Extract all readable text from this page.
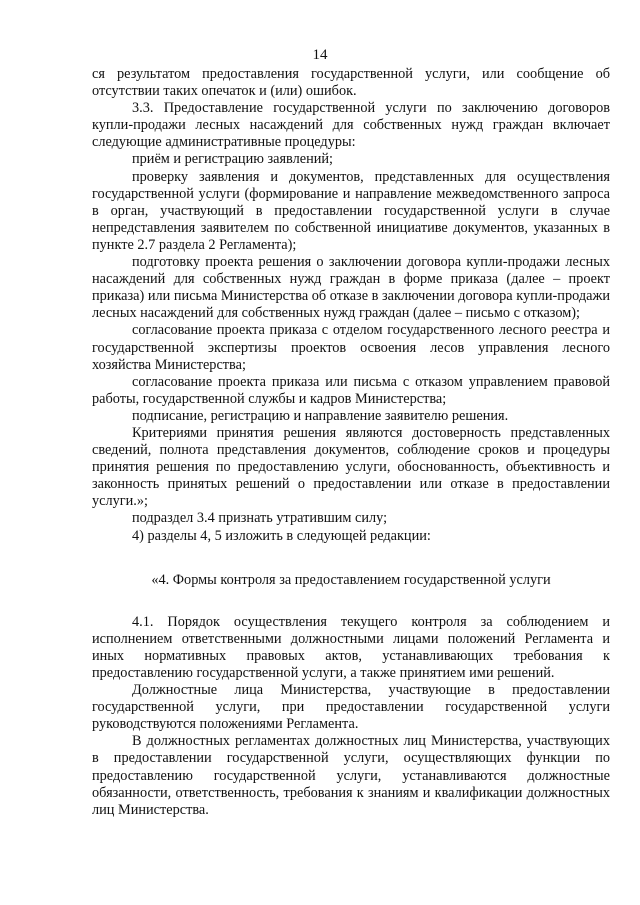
14

ся результатом предоставления государственной услуги, или сообщение об отсутствии таких опечаток и (или) ошибок.

3.3. Предоставление государственной услуги по заключению договоров купли-продажи лесных насаждений для собственных нужд граждан включает следующие административные процедуры:

приём и регистрацию заявлений;

проверку заявления и документов, представленных для осуществления государственной услуги (формирование и направление межведомственного запроса в орган, участвующий в предоставлении государственной услуги в случае непредставления заявителем по собственной инициативе документов, указанных в пункте 2.7 раздела 2 Регламента);

подготовку проекта решения о заключении договора купли-продажи лесных насаждений для собственных нужд граждан в форме приказа (далее – проект приказа) или письма Министерства об отказе в заключении договора купли-продажи лесных насаждений для собственных нужд граждан (далее – письмо с отказом);

согласование проекта приказа с отделом государственного лесного реестра и государственной экспертизы проектов освоения лесов управления лесного хозяйства Министерства;

согласование проекта приказа или письма с отказом управлением правовой работы, государственной службы и кадров Министерства;

подписание, регистрацию и направление заявителю решения.

Критериями принятия решения являются достоверность представленных сведений, полнота представления документов, соблюдение сроков и процедуры принятия решения по предоставлению услуги, обоснованность, объективность и законность принятых решений о предоставлении или отказе в предоставлении услуги.»;

подраздел 3.4 признать утратившим силу;

4) разделы 4, 5 изложить в следующей редакции:

«4. Формы контроля за предоставлением государственной услуги

4.1. Порядок осуществления текущего контроля за соблюдением и исполнением ответственными должностными лицами положений Регламента и иных нормативных правовых актов, устанавливающих требования к предоставлению государственной услуги, а также принятием ими решений.

Должностные лица Министерства, участвующие в предоставлении государственной услуги, при предоставлении государственной услуги руководствуются положениями Регламента.

В должностных регламентах должностных лиц Министерства, участвующих в предоставлении государственной услуги, осуществляющих функции по предоставлению государственной услуги, устанавливаются должностные обязанности, ответственность, требования к знаниям и квалификации должностных лиц Министерства.
